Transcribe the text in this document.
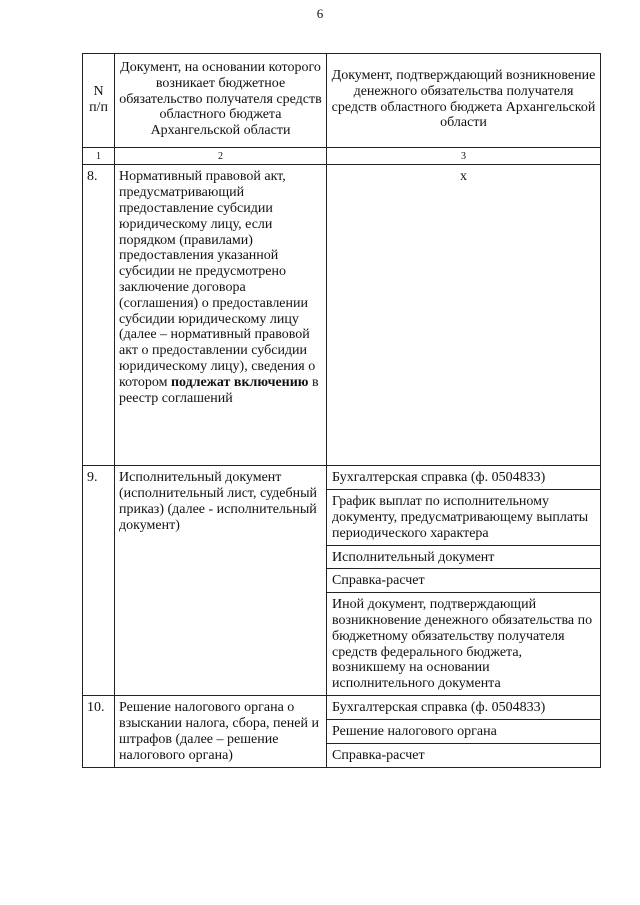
6
N п/п	Документ, на основании которого возникает бюджетное обязательство получателя средств областного бюджета Архангельской области	Документ, подтверждающий возникновение денежного обязательства получателя средств областного бюджета Архангельской области
1	2	3
8.	Нормативный правовой акт, предусматривающий предоставление субсидии юридическому лицу, если порядком (правилами) предоставления указанной субсидии не предусмотрено заключение договора (соглашения) о предоставлении субсидии юридическому лицу (далее – нормативный правовой акт о предоставлении субсидии юридическому лицу), сведения о котором подлежат включению в реестр соглашений	x
9.	Исполнительный документ (исполнительный лист, судебный приказ) (далее - исполнительный документ)	Бухгалтерская справка (ф. 0504833)
График выплат по исполнительному документу, предусматривающему выплаты периодического характера
Исполнительный документ
Справка-расчет
Иной документ, подтверждающий возникновение денежного обязательства по бюджетному обязательству получателя средств федерального бюджета, возникшему на основании исполнительного документа

10.	Решение налогового органа о взыскании налога, сбора, пеней и штрафов (далее – решение налогового органа)	Бухгалтерская справка (ф. 0504833)
Решение налогового органа
Справка-расчет
